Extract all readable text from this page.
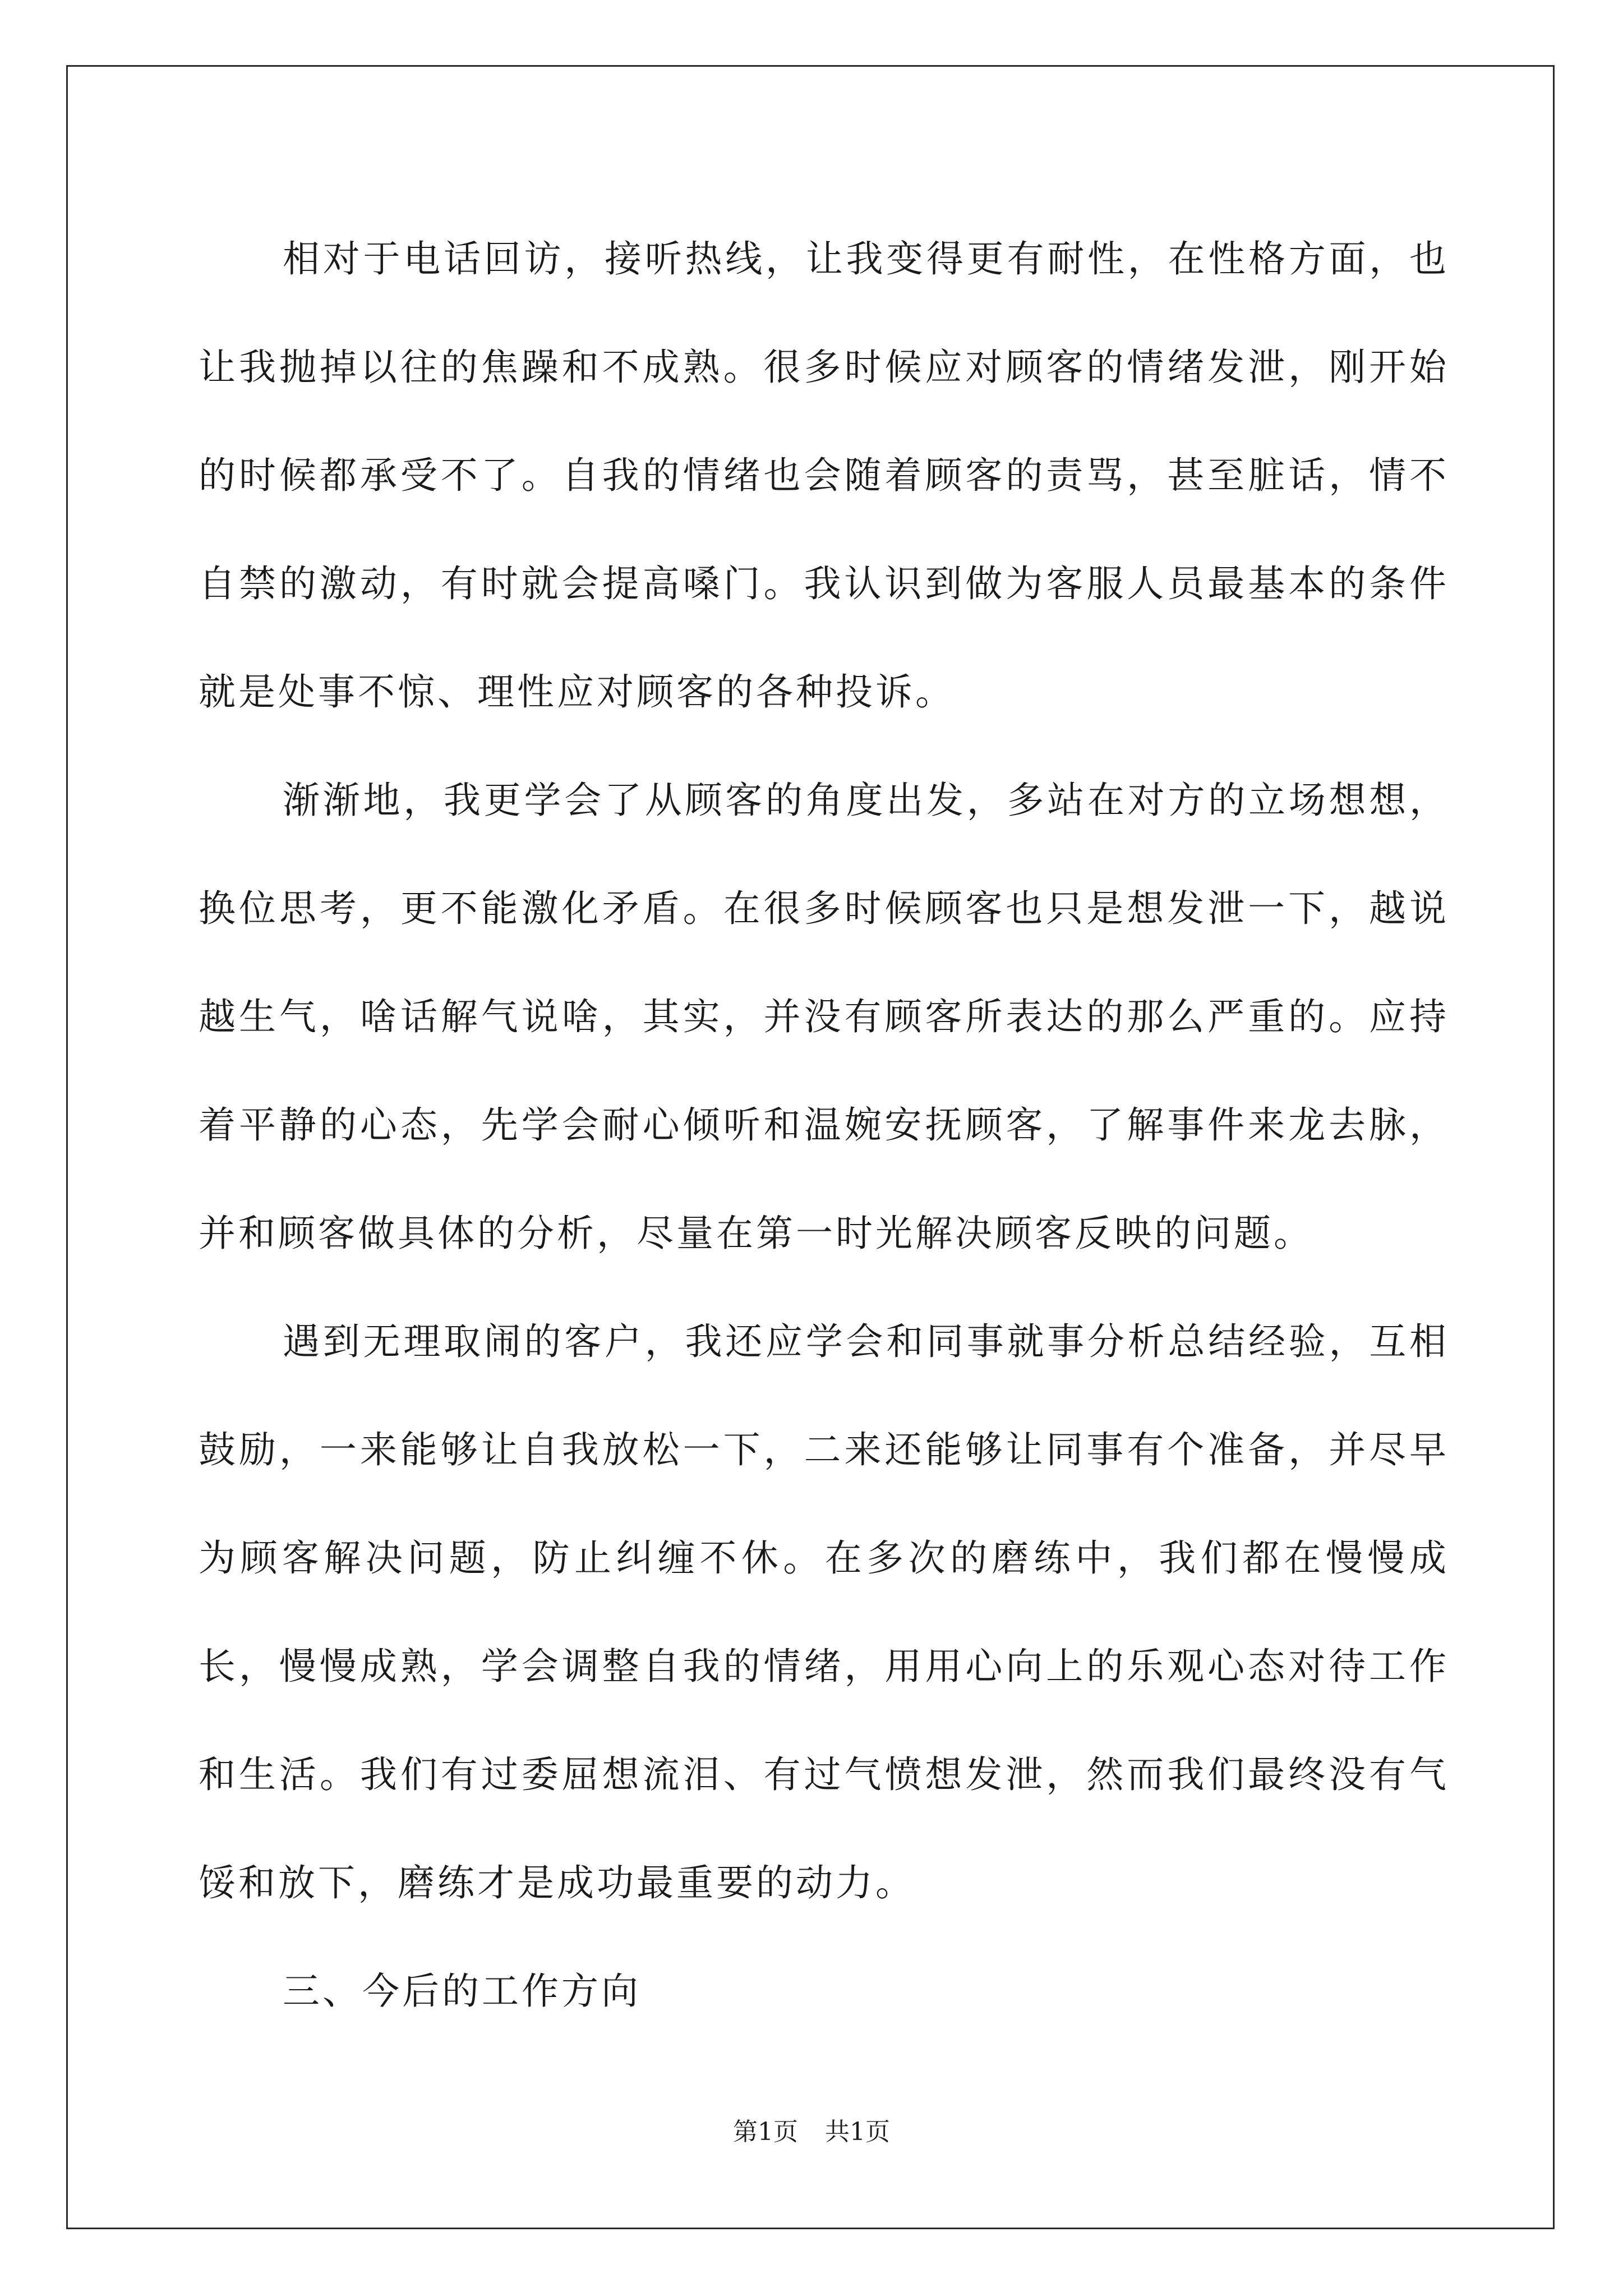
相对于电话回访，接听热线，让我变得更有耐性，在性格方面，也让我抛掉以往的焦躁和不成熟。很多时候应对顾客的情绪发泄，刚开始的时候都承受不了。自我的情绪也会随着顾客的责骂，甚至脏话，情不自禁的激动，有时就会提高嗓门。我认识到做为客服人员最基本的条件就是处事不惊、理性应对顾客的各种投诉。

渐渐地，我更学会了从顾客的角度出发，多站在对方的立场想想，换位思考，更不能激化矛盾。在很多时候顾客也只是想发泄一下，越说越生气，啥话解气说啥，其实，并没有顾客所表达的那么严重的。应持着平静的心态，先学会耐心倾听和温婉安抚顾客，了解事件来龙去脉，并和顾客做具体的分析，尽量在第一时光解决顾客反映的问题。

遇到无理取闹的客户，我还应学会和同事就事分析总结经验，互相鼓励，一来能够让自我放松一下，二来还能够让同事有个准备，并尽早为顾客解决问题，防止纠缠不休。在多次的磨练中，我们都在慢慢成长，慢慢成熟，学会调整自我的情绪，用用心向上的乐观心态对待工作和生活。我们有过委屈想流泪、有过气愤想发泄，然而我们最终没有气馁和放下，磨练才是成功最重要的动力。

三、今后的工作方向

第1页 共1页
